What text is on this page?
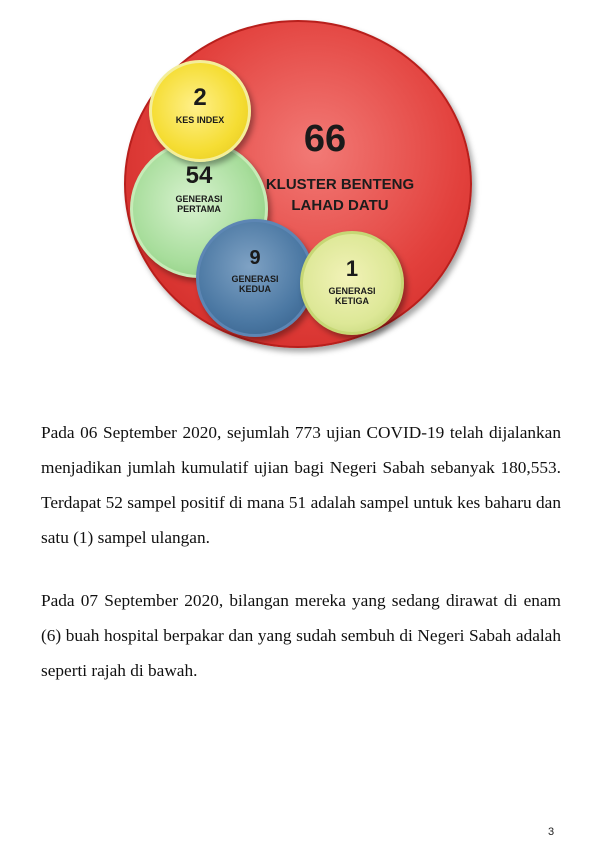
66
KLUSTER BENTENG
LAHAD DATU
2
KES INDEX
54
GENERASI
PERTAMA
9
GENERASI
KEDUA
1
GENERASI
KETIGA

Pada 06 September 2020, sejumlah 773 ujian COVID-19 telah dijalankan menjadikan jumlah kumulatif ujian bagi Negeri Sabah sebanyak 180,553. Terdapat 52 sampel positif di mana 51 adalah sampel untuk kes baharu dan satu (1) sampel ulangan.

Pada 07 September 2020, bilangan mereka yang sedang dirawat di enam (6) buah hospital berpakar dan yang sudah sembuh di Negeri Sabah adalah seperti rajah di bawah.

3
